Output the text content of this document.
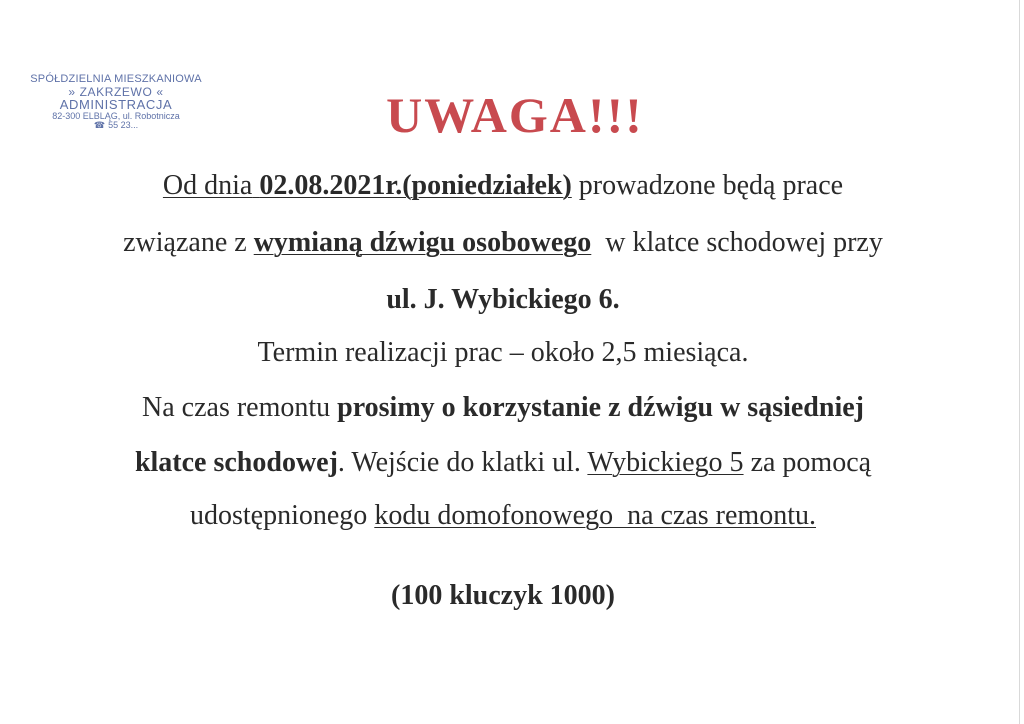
SPÓŁDZIELNIA MIESZKANIOWA
» ZAKRZEWO «
ADMINISTRACJA
82-300 ELBLĄG, ul. Robotnicza
☎ 55 23...	UWAGA!!!
Od dnia 02.08.2021r.(poniedziałek) prowadzone będą prace
związane z wymianą dźwigu osobowego w klatce schodowej przy
ul. J. Wybickiego 6.
Termin realizacji prac – około 2,5 miesiąca.
Na czas remontu prosimy o korzystanie z dźwigu w sąsiedniej
klatce schodowej. Wejście do klatki ul. Wybickiego 5 za pomocą
udostępnionego kodu domofonowego  na czas remontu.
(100 kluczyk 1000)
